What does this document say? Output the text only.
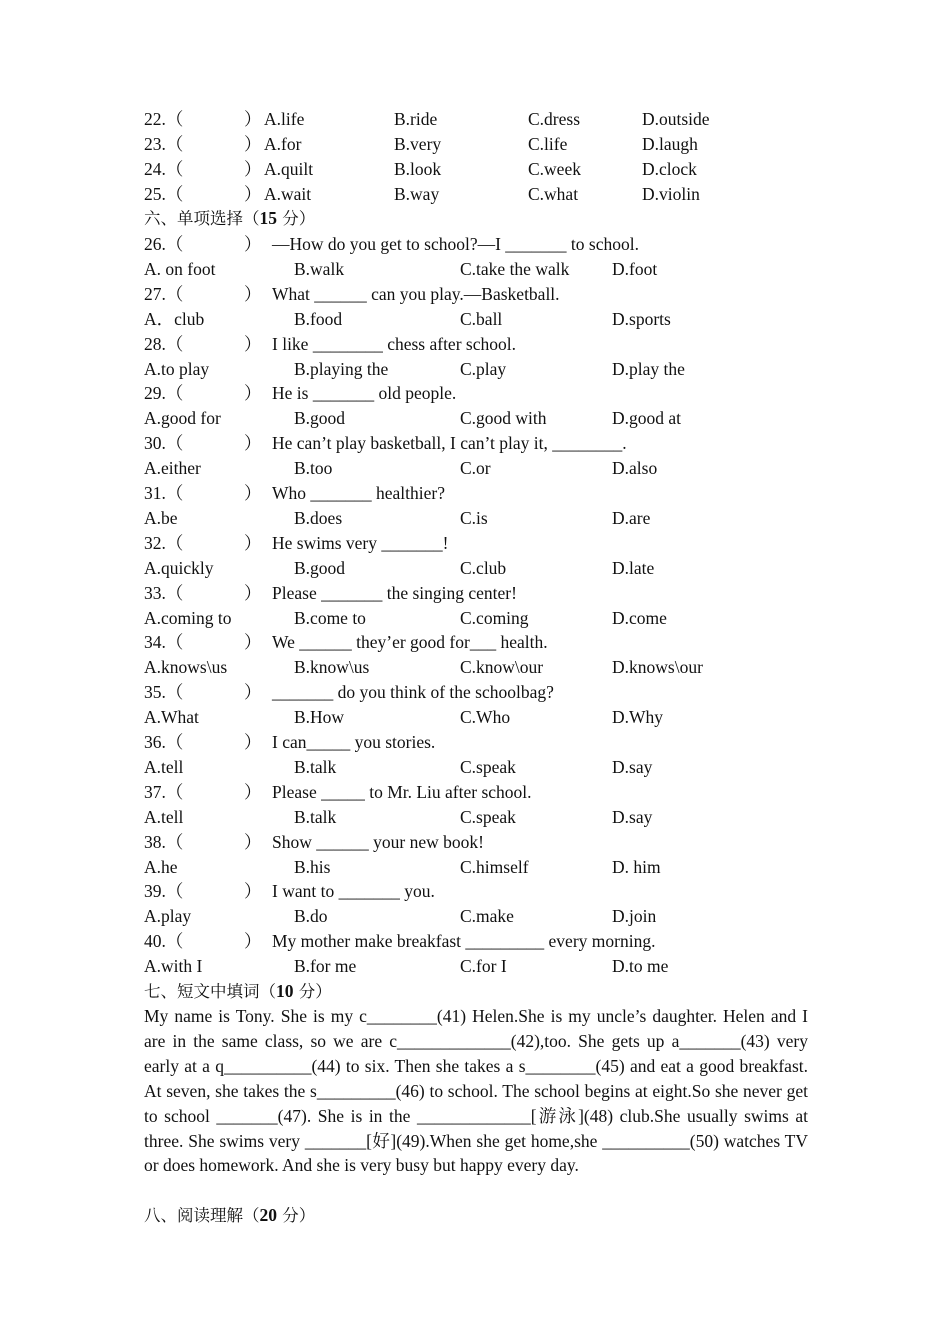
22.（	） A.life	B.ride	C.dress	D.outside
23.（	） A.for	B.very	C.life	D.laugh
24.（	） A.quilt	B.look	C.week	D.clock
25.（	） A.wait	B.way	C.what	D.violin
六、单项选择（15 分）
26.（	） —How do you get to school?—I _______ to school.
A. on foot	B.walk	C.take the walk D.foot
27.（	） What ______ can you play.—Basketball.
A．club	B.food	C.ball	D.sports
28.（	） I like ________ chess after school.
A.to play	B.playing the	C.play	D.play the
29.（	） He is _______ old people.
A.good for	B.good	C.good with	D.good at
30.（	） He can’t play basketball, I can’t play it, ________.
A.either	B.too	C.or	D.also
31.（	） Who _______ healthier?
A.be	B.does	C.is	D.are
32.（	） He swims very _______!
A.quickly	B.good	C.club	D.late
33.（	） Please _______ the singing center!
A.coming to	B.come to	C.coming	D.come
34.（	） We ______ they’er good for___ health.
A.knows\us	B.know\us	C.know\our	D.knows\our
35.（	） _______ do you think of the schoolbag?
A.What	B.How	C.Who	D.Why
36.（	） I can_____ you stories.
A.tell	B.talk	C.speak	D.say
37.（	） Please _____ to Mr. Liu after school.
A.tell	B.talk	C.speak	D.say
38.（	） Show ______ your new book!
A.he	B.his	C.himself	D. him
39.（	） I want to _______ you.
A.play	B.do	C.make	D.join
40.（	） My mother make breakfast _________ every morning.
A.with I	B.for me	C.for I	D.to me
七、短文中填词（10 分）

My name is Tony. She is my c________(41) Helen.She is my uncle’s daughter. Helen and I are in the same class, so we are c_____________(42),too. She gets up a_______(43) very early at a q__________(44) to six. Then she takes a s________(45) and eat a good breakfast. At seven, she takes the s_________(46) to school. The school begins at eight.So she never get to school _______(47). She is in the _____________[游泳](48) club.She usually swims at three. She swims very _______[好](49).When she get home,she __________(50) watches TV or does homework. And she is very busy but happy every day.

八、阅读理解（20 分）
